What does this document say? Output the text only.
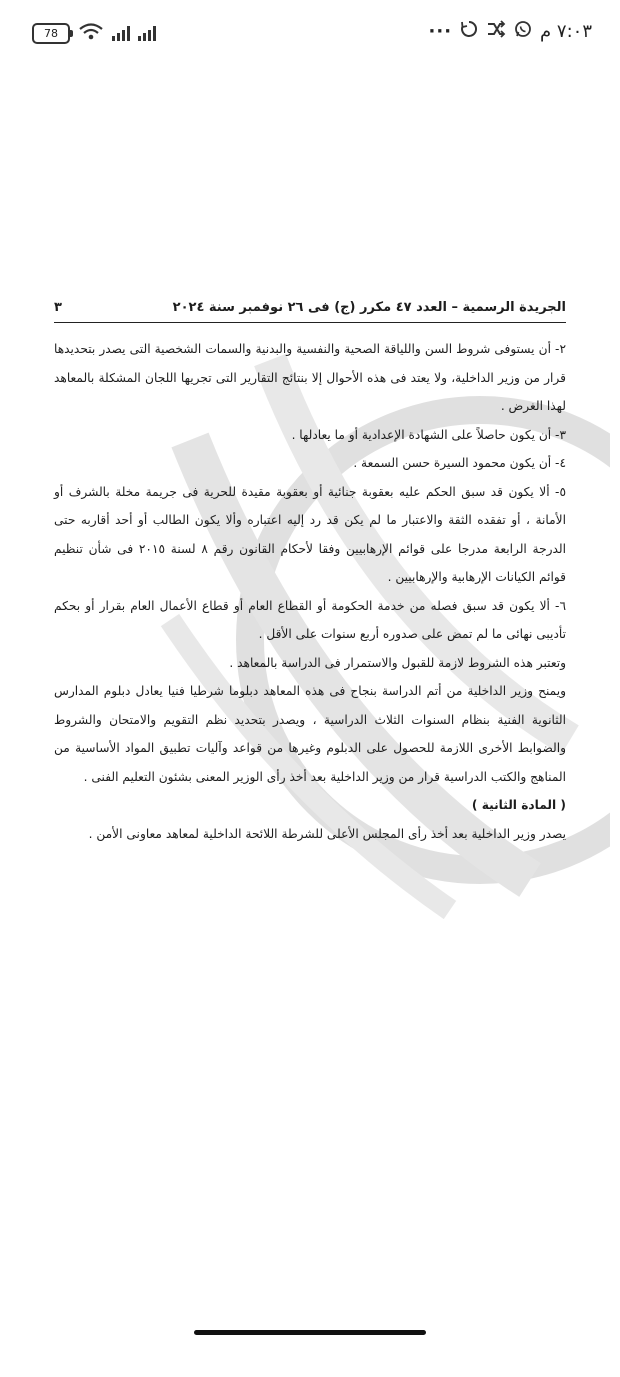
78	٧:٠٣ م
···
الجريدة الرسمية – العدد ٤٧ مكرر (ج) فى ٢٦ نوفمبر سنة ٢٠٢٤
٣

٢- أن يستوفى شروط السن واللياقة الصحية والنفسية والبدنية والسمات الشخصية التى يصدر بتحديدها قرار من وزير الداخلية، ولا يعتد فى هذه الأحوال إلا بنتائج التقارير التى تجريها اللجان المشكلة بالمعاهد لهذا الغرض .

٣- أن يكون حاصلاً على الشهادة الإعدادية أو ما يعادلها .

٤- أن يكون محمود السيرة حسن السمعة .

٥- ألا يكون قد سبق الحكم عليه بعقوبة جنائية أو بعقوبة مقيدة للحرية فى جريمة مخلة بالشرف أو الأمانة ، أو تفقده الثقة والاعتبار ما لم يكن قد رد إليه اعتباره وألا يكون الطالب أو أحد أقاربه حتى الدرجة الرابعة مدرجا على قوائم الإرهابيين وفقا لأحكام القانون رقم ٨ لسنة ٢٠١٥ فى شأن تنظيم قوائم الكيانات الإرهابية والإرهابيين .

٦- ألا يكون قد سبق فصله من خدمة الحكومة أو القطاع العام أو قطاع الأعمال العام بقرار أو بحكم تأديبى نهائى ما لم تمض على صدوره أربع سنوات على الأقل .

وتعتبر هذه الشروط لازمة للقبول والاستمرار فى الدراسة بالمعاهد .

ويمنح وزير الداخلية من أتم الدراسة بنجاح فى هذه المعاهد دبلوما شرطيا فنيا يعادل دبلوم المدارس الثانوية الفنية بنظام السنوات الثلاث الدراسية ، ويصدر بتحديد نظم التقويم والامتحان والشروط والضوابط الأخرى اللازمة للحصول على الدبلوم وغيرها من قواعد وآليات تطبيق المواد الأساسية من المناهج والكتب الدراسية قرار من وزير الداخلية بعد أخذ رأى الوزير المعنى بشئون التعليم الفنى .

( المادة الثانية )

يصدر وزير الداخلية بعد أخذ رأى المجلس الأعلى للشرطة اللائحة الداخلية لمعاهد معاونى الأمن .
